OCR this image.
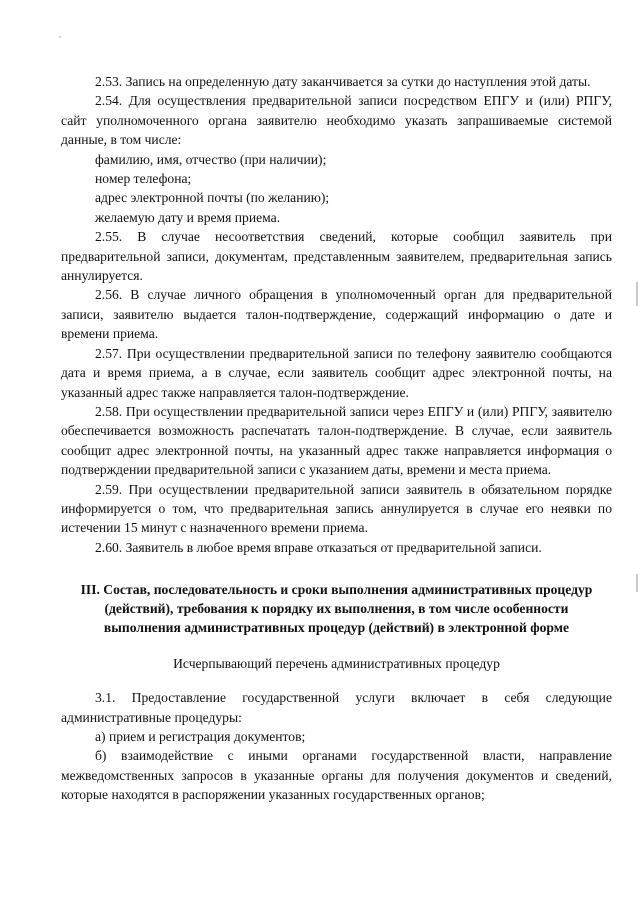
2.53. Запись на определенную дату заканчивается за сутки до наступления этой даты.

2.54. Для осуществления предварительной записи посредством ЕПГУ и (или) РПГУ, сайт уполномоченного органа заявителю необходимо указать запрашиваемые системой данные, в том числе:

фамилию, имя, отчество (при наличии);

номер телефона;

адрес электронной почты (по желанию);

желаемую дату и время приема.

2.55. В случае несоответствия сведений, которые сообщил заявитель при предварительной записи, документам, представленным заявителем, предварительная запись аннулируется.

2.56. В случае личного обращения в уполномоченный орган для предварительной записи, заявителю выдается талон-подтверждение, содержащий информацию о дате и времени приема.

2.57. При осуществлении предварительной записи по телефону заявителю сообщаются дата и время приема, а в случае, если заявитель сообщит адрес электронной почты, на указанный адрес также направляется талон-подтверждение.

2.58. При осуществлении предварительной записи через ЕПГУ и (или) РПГУ, заявителю обеспечивается возможность распечатать талон-подтверждение. В случае, если заявитель сообщит адрес электронной почты, на указанный адрес также направляется информация о подтверждении предварительной записи с указанием даты, времени и места приема.

2.59. При осуществлении предварительной записи заявитель в обязательном порядке информируется о том, что предварительная запись аннулируется в случае его неявки по истечении 15 минут с назначенного времени приема.

2.60. Заявитель в любое время вправе отказаться от предварительной записи.

III. Состав, последовательность и сроки выполнения административных процедур (действий), требования к порядку их выполнения, в том числе особенности выполнения административных процедур (действий) в электронной форме

Исчерпывающий перечень административных процедур

3.1. Предоставление государственной услуги включает в себя следующие административные процедуры:

а) прием и регистрация документов;

б) взаимодействие с иными органами государственной власти, направление межведомственных запросов в указанные органы для получения документов и сведений, которые находятся в распоряжении указанных государственных органов;
